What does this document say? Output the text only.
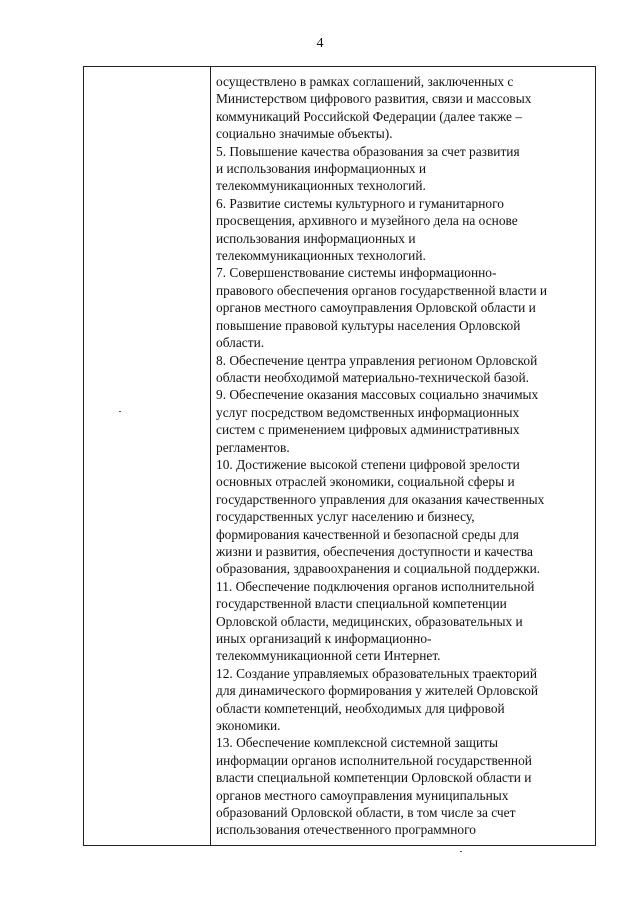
4
осуществлено в рамках соглашений, заключенных с
Министерством цифрового развития, связи и массовых
коммуникаций Российской Федерации (далее также –
социально значимые объекты).
5. Повышение качества образования за счет развития
и использования информационных и
телекоммуникационных технологий.
6. Развитие системы культурного и гуманитарного
просвещения, архивного и музейного дела на основе
использования информационных и
телекоммуникационных технологий.
7. Совершенствование системы информационно-
правового обеспечения органов государственной власти и
органов местного самоуправления Орловской области и
повышение правовой культуры населения Орловской
области.
8. Обеспечение центра управления регионом Орловской
области необходимой материально-технической базой.
9. Обеспечение оказания массовых социально значимых
услуг посредством ведомственных информационных
систем с применением цифровых административных
регламентов.
10. Достижение высокой степени цифровой зрелости
основных отраслей экономики, социальной сферы и
государственного управления для оказания качественных
государственных услуг населению и бизнесу,
формирования качественной и безопасной среды для
жизни и развития, обеспечения доступности и качества
образования, здравоохранения и социальной поддержки.
11. Обеспечение подключения органов исполнительной
государственной власти специальной компетенции
Орловской области, медицинских, образовательных и
иных организаций к информационно-
телекоммуникационной сети Интернет.
12. Создание управляемых образовательных траекторий
для динамического формирования у жителей Орловской
области компетенций, необходимых для цифровой
экономики.
13. Обеспечение комплексной системной защиты
информации органов исполнительной государственной
власти специальной компетенции Орловской области и
органов местного самоуправления муниципальных
образований Орловской области, в том числе за счет
использования отечественного программного
